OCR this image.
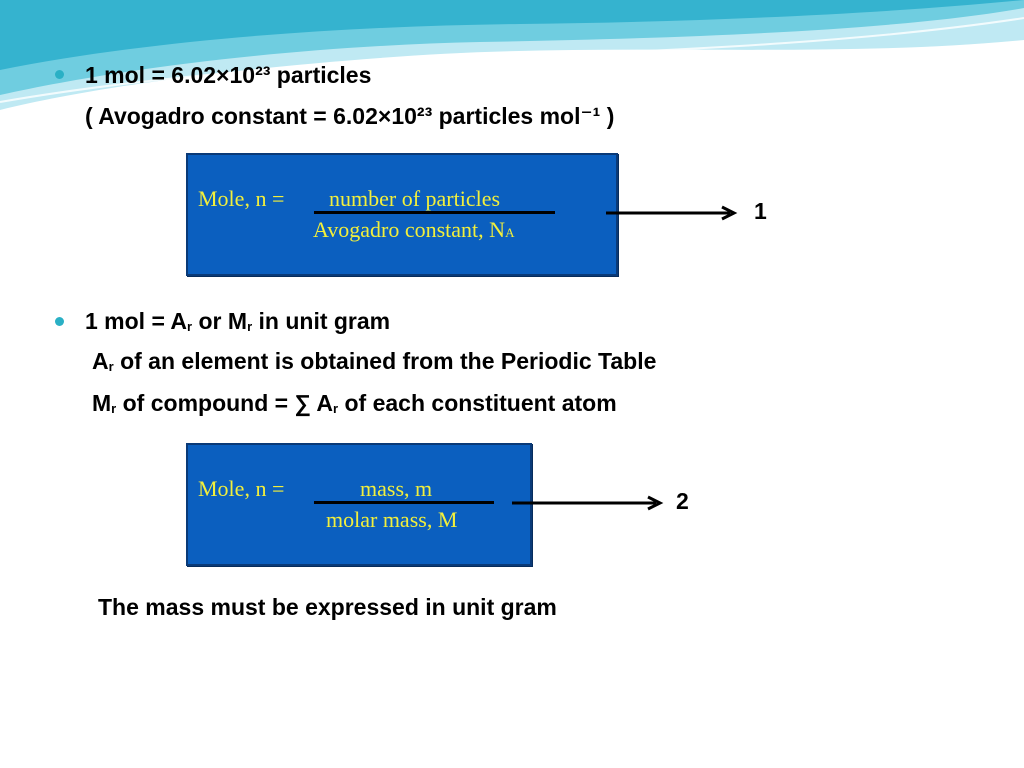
1 mol = 6.02×10²³ particles
( Avogadro constant = 6.02×10²³ particles mol⁻¹ )
Mole, n = number of particles
Avogadro constant, NA
1
1 mol = $A_r$ or $M_r$ in unit gram
$A_r$ of an element is obtained from the Periodic Table
$M_r$ of compound = ∑ $A_r$ of each constituent atom
Mole, n =	mass, m
molar mass, M
2
The mass must be expressed in unit gram
